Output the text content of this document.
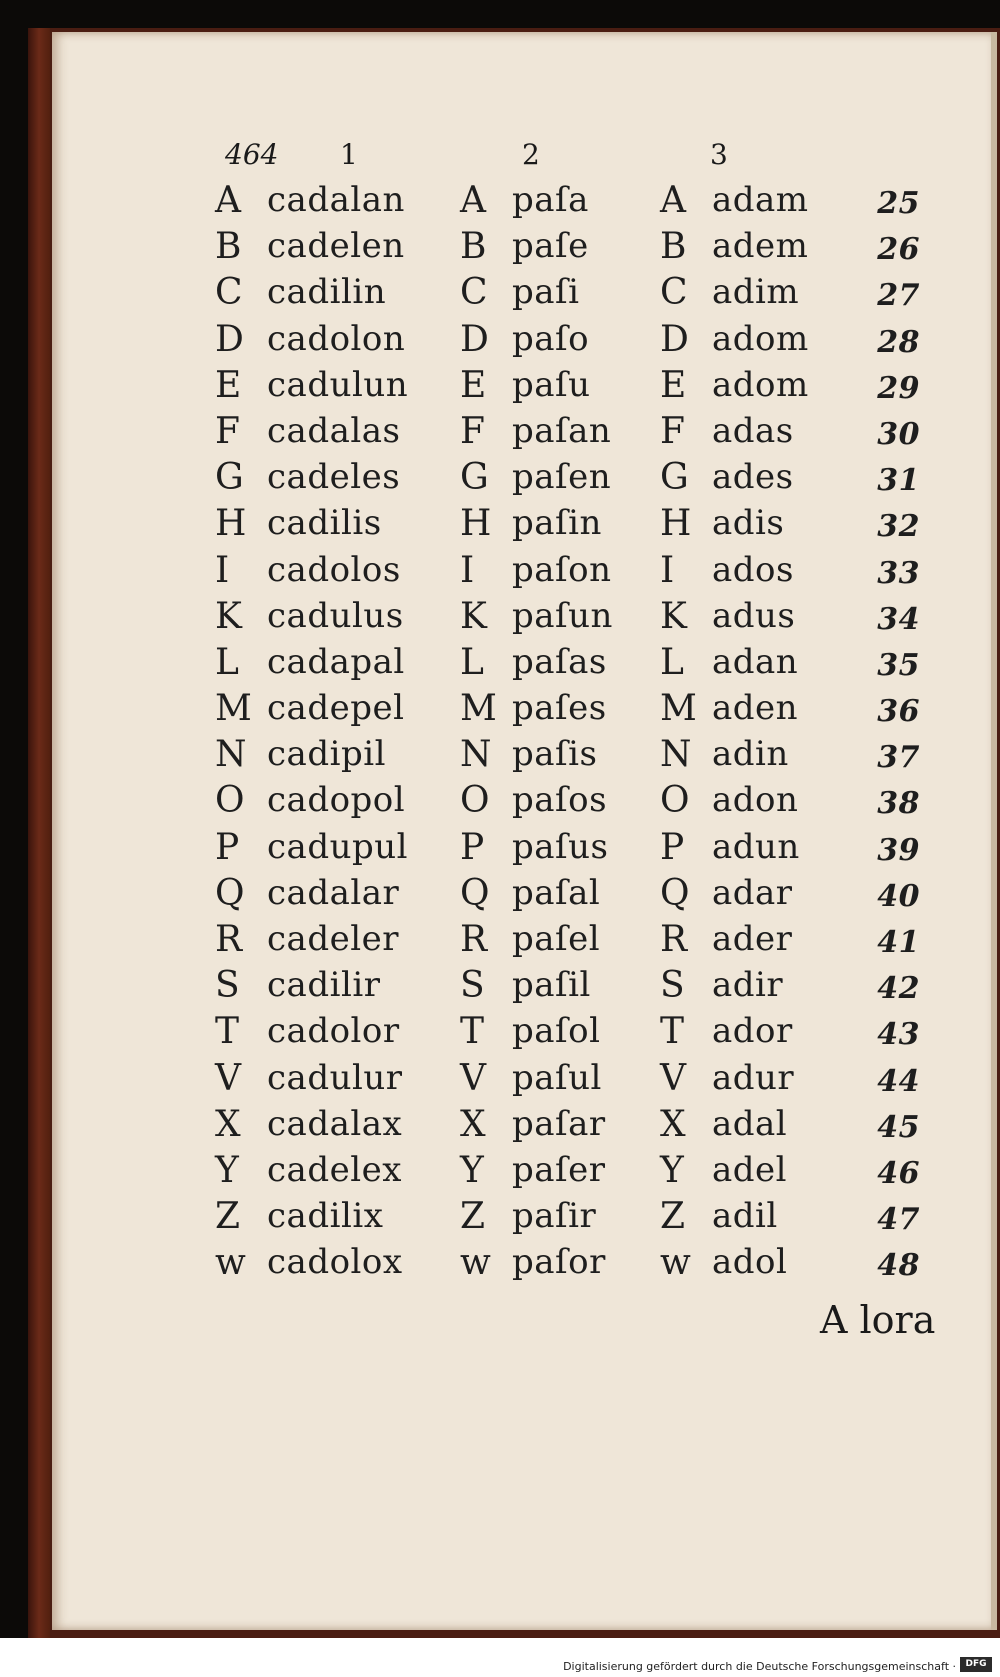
464 1	2	3
A cadalan A paſa A adam	25
B cadelen B paſe B adem	26
C cadilin C paſi C adim	27
D cadolon D paſo D adom	28
E cadulun E paſu E adom	29
F cadalas F paſan F adas	30
G cadeles G paſen G ades	31
H cadilis H paſin H adis	32
I cadolos I paſon I ados	33
K cadulus K paſun K adus	34
L cadapal L paſas L adan	35
M cadepel M paſes M aden	36
N cadipil N paſis N adin	37
O cadopol O paſos O adon	38
P cadupul P paſus P adun	39
Q cadalar Q paſal Q adar	40
R cadeler R paſel R ader	41
S cadilir S paſil S adir	42
T cadolor T paſol T ador	43
V cadulur V paſul V adur	44
X cadalax X paſar X adal	45
Y cadelex Y paſer Y adel	46
Z cadilix Z paſir Z adil	47
w cadolox w paſor w adol	48
A lora
Digitalisierung gefördert durch die Deutsche Forschungsgemeinschaft ·	DFG
